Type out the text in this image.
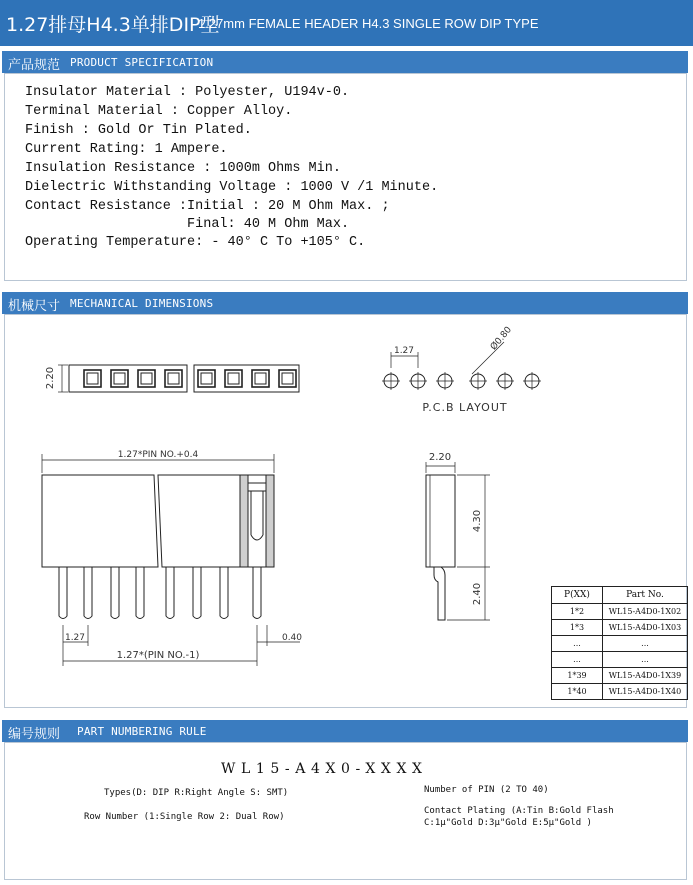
1.27排母H4.3单排DIP型
1.27mm FEMALE HEADER H4.3 SINGLE ROW DIP TYPE
产品规范 PRODUCT SPECIFICATION
Insulator Material : Polyester, U194v-0.
Terminal Material : Copper Alloy.
Finish : Gold Or Tin Plated.
Current Rating: 1 Ampere.
Insulation Resistance : 1000m Ohms Min.
Dielectric Withstanding Voltage : 1000 V /1 Minute.
Contact Resistance :Initial : 20 M Ohm Max. ;
Final: 40 M Ohm Max.
Operating Temperature: - 40° C To +105° C.
机械尺寸 MECHANICAL DIMENSIONS
2.20
1.27	Ø0.80
P.C.B LAYOUT
2.20
4.30
2.40
1.27*PIN NO.+0.4
1.27
1.27*(PIN NO.-1)
0.40
P(XX)	Part No.
1*2	WL15-A4D0-1X02
1*3	WL15-A4D0-1X03
...	...
...	...
1*39	WL15-A4D0-1X39
1*40	WL15-A4D0-1X40
编号规则 PART NUMBERING RULE
WL15-A4X0-XXXX
Types(D: DIP R:Right Angle S: SMT)
Row Number (1:Single Row 2: Dual Row)
Number of PIN (2 TO 40)
Contact Plating (A:Tin B:Gold Flash
C:1μ"Gold D:3μ"Gold E:5μ"Gold )
